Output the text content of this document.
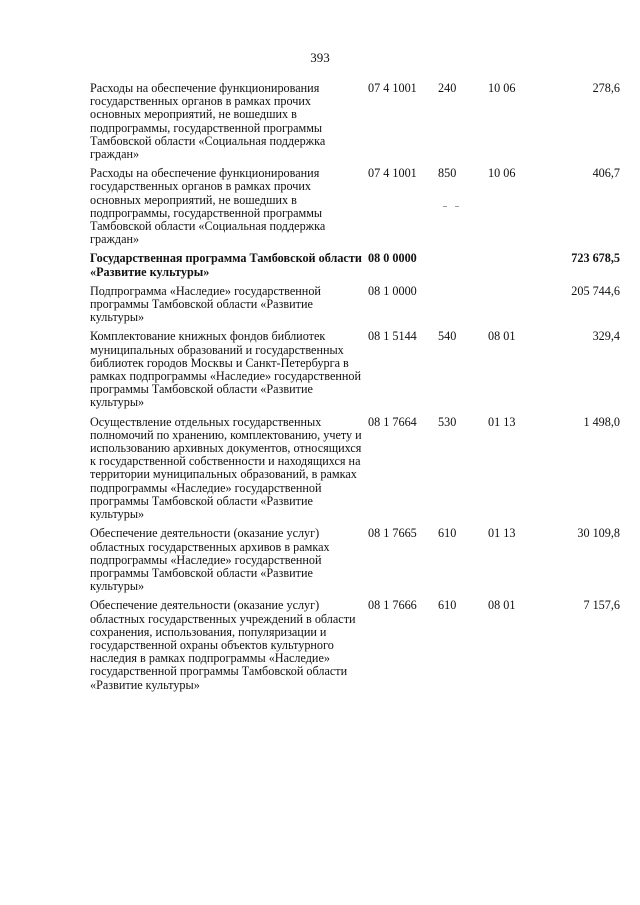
393
Расходы на обеспечение функционирования государственных органов в рамках прочих основных мероприятий, не вошедших в подпрограммы, государственной программы Тамбовской области «Социальная поддержка граждан»	07 4 1001	240	10 06	278,6
Расходы на обеспечение функционирования государственных органов в рамках прочих основных мероприятий, не вошедших в подпрограммы, государственной программы Тамбовской области «Социальная поддержка граждан»	07 4 1001	850	10 06	406,7
Государственная программа Тамбовской области «Развитие культуры»	08 0 0000			723 678,5
Подпрограмма «Наследие» государственной программы Тамбовской области «Развитие культуры»	08 1 0000			205 744,6
Комплектование книжных фондов библиотек муниципальных образований и государственных библиотек городов Москвы и Санкт-Петербурга в рамках подпрограммы «Наследие» государственной программы Тамбовской области «Развитие культуры»	08 1 5144	540	08 01	329,4
Осуществление отдельных государственных полномочий по хранению, комплектованию, учету и использованию архивных документов, относящихся к государственной собственности и находящихся на территории муниципальных образований, в рамках подпрограммы «Наследие» государственной программы Тамбовской области «Развитие культуры»	08 1 7664	530	01 13	1 498,0
Обеспечение деятельности (оказание услуг) областных государственных архивов в рамках подпрограммы «Наследие» государственной программы Тамбовской области «Развитие культуры»	08 1 7665	610	01 13	30 109,8
Обеспечение деятельности (оказание услуг) областных государственных учреждений в области сохранения, использования, популяризации и государственной охраны объектов культурного наследия в рамках подпрограммы «Наследие» государственной программы Тамбовской области «Развитие культуры»	08 1 7666	610	08 01	7 157,6
